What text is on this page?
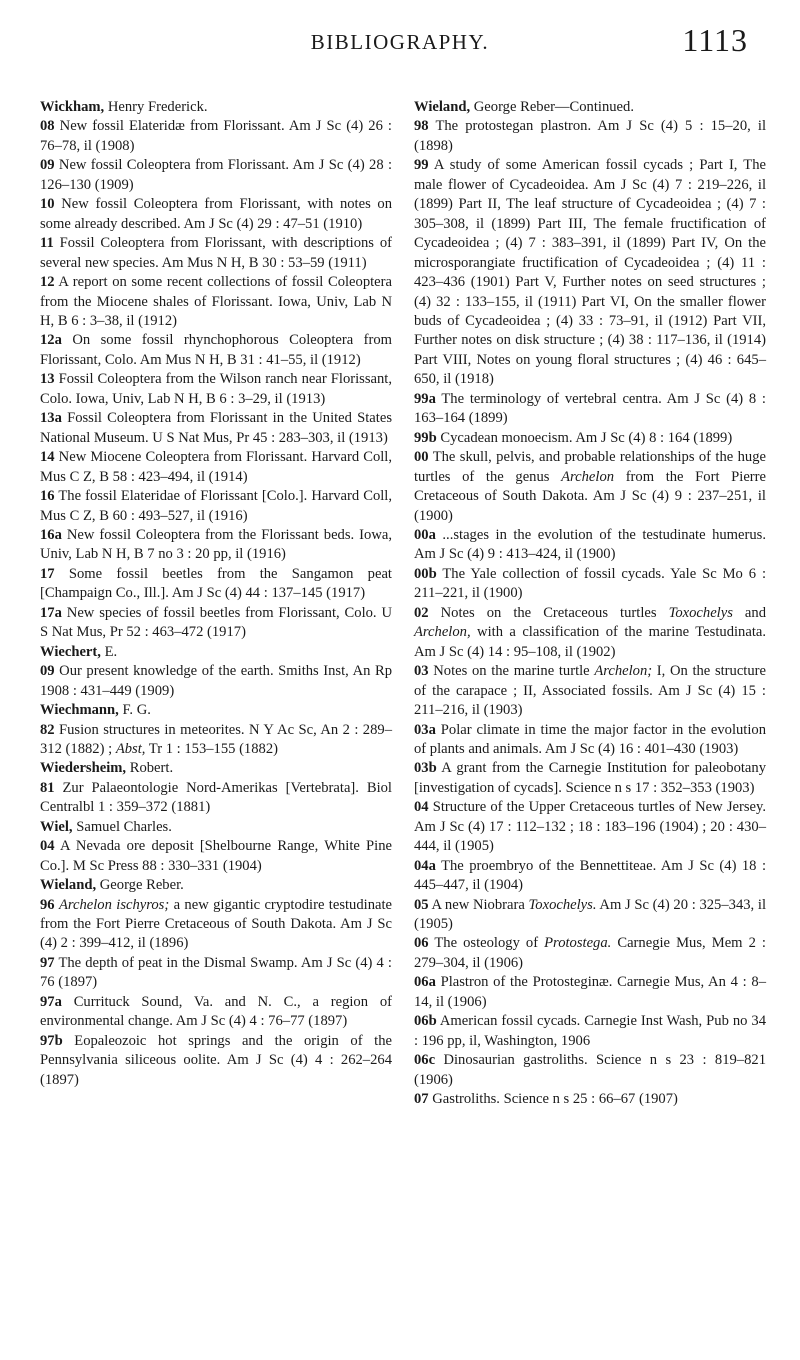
BIBLIOGRAPHY.	1113

Wickham, Henry Frederick.

08 New fossil Elateridæ from Florissant. Am J Sc (4) 26 : 76–78, il (1908)

09 New fossil Coleoptera from Florissant. Am J Sc (4) 28 : 126–130 (1909)

10 New fossil Coleoptera from Florissant, with notes on some already described. Am J Sc (4) 29 : 47–51 (1910)

11 Fossil Coleoptera from Florissant, with descriptions of several new species. Am Mus N H, B 30 : 53–59 (1911)

12 A report on some recent collections of fossil Coleoptera from the Miocene shales of Florissant. Iowa, Univ, Lab N H, B 6 : 3–38, il (1912)

12a On some fossil rhynchophorous Coleoptera from Florissant, Colo. Am Mus N H, B 31 : 41–55, il (1912)

13 Fossil Coleoptera from the Wilson ranch near Florissant, Colo. Iowa, Univ, Lab N H, B 6 : 3–29, il (1913)

13a Fossil Coleoptera from Florissant in the United States National Museum. U S Nat Mus, Pr 45 : 283–303, il (1913)

14 New Miocene Coleoptera from Florissant. Harvard Coll, Mus C Z, B 58 : 423–494, il (1914)

16 The fossil Elateridae of Florissant [Colo.]. Harvard Coll, Mus C Z, B 60 : 493–527, il (1916)

16a New fossil Coleoptera from the Florissant beds. Iowa, Univ, Lab N H, B 7 no 3 : 20 pp, il (1916)

17 Some fossil beetles from the Sangamon peat [Champaign Co., Ill.]. Am J Sc (4) 44 : 137–145 (1917)

17a New species of fossil beetles from Florissant, Colo. U S Nat Mus, Pr 52 : 463–472 (1917)

Wiechert, E.

09 Our present knowledge of the earth. Smiths Inst, An Rp 1908 : 431–449 (1909)

Wiechmann, F. G.

82 Fusion structures in meteorites. N Y Ac Sc, An 2 : 289–312 (1882) ; Abst, Tr 1 : 153–155 (1882)

Wiedersheim, Robert.

81 Zur Palaeontologie Nord-Amerikas [Vertebrata]. Biol Centralbl 1 : 359–372 (1881)

Wiel, Samuel Charles.

04 A Nevada ore deposit [Shelbourne Range, White Pine Co.]. M Sc Press 88 : 330–331 (1904)

Wieland, George Reber.

96 Archelon ischyros; a new gigantic cryptodire testudinate from the Fort Pierre Cretaceous of South Dakota. Am J Sc (4) 2 : 399–412, il (1896)

97 The depth of peat in the Dismal Swamp. Am J Sc (4) 4 : 76 (1897)

97a Currituck Sound, Va. and N. C., a region of environmental change. Am J Sc (4) 4 : 76–77 (1897)

97b Eopaleozoic hot springs and the origin of the Pennsylvania siliceous oolite. Am J Sc (4) 4 : 262–264 (1897)

Wieland, George Reber—Continued.

98 The protostegan plastron. Am J Sc (4) 5 : 15–20, il (1898)

99 A study of some American fossil cycads ; Part I, The male flower of Cycadeoidea. Am J Sc (4) 7 : 219–226, il (1899) Part II, The leaf structure of Cycadeoidea ; (4) 7 : 305–308, il (1899) Part III, The female fructification of Cycadeoidea ; (4) 7 : 383–391, il (1899) Part IV, On the microsporangiate fructification of Cycadeoidea ; (4) 11 : 423–436 (1901) Part V, Further notes on seed structures ; (4) 32 : 133–155, il (1911) Part VI, On the smaller flower buds of Cycadeoidea ; (4) 33 : 73–91, il (1912) Part VII, Further notes on disk structure ; (4) 38 : 117–136, il (1914) Part VIII, Notes on young floral structures ; (4) 46 : 645–650, il (1918)

99a The terminology of vertebral centra. Am J Sc (4) 8 : 163–164 (1899)

99b Cycadean monoecism. Am J Sc (4) 8 : 164 (1899)

00 The skull, pelvis, and probable relationships of the huge turtles of the genus Archelon from the Fort Pierre Cretaceous of South Dakota. Am J Sc (4) 9 : 237–251, il (1900)

00a ...stages in the evolution of the testudinate humerus. Am J Sc (4) 9 : 413–424, il (1900)

00b The Yale collection of fossil cycads. Yale Sc Mo 6 : 211–221, il (1900)

02 Notes on the Cretaceous turtles Toxochelys and Archelon, with a classification of the marine Testudinata. Am J Sc (4) 14 : 95–108, il (1902)

03 Notes on the marine turtle Archelon; I, On the structure of the carapace ; II, Associated fossils. Am J Sc (4) 15 : 211–216, il (1903)

03a Polar climate in time the major factor in the evolution of plants and animals. Am J Sc (4) 16 : 401–430 (1903)

03b A grant from the Carnegie Institution for paleobotany [investigation of cycads]. Science n s 17 : 352–353 (1903)

04 Structure of the Upper Cretaceous turtles of New Jersey. Am J Sc (4) 17 : 112–132 ; 18 : 183–196 (1904) ; 20 : 430–444, il (1905)

04a The proembryo of the Bennettiteae. Am J Sc (4) 18 : 445–447, il (1904)

05 A new Niobrara Toxochelys. Am J Sc (4) 20 : 325–343, il (1905)

06 The osteology of Protostega. Carnegie Mus, Mem 2 : 279–304, il (1906)

06a Plastron of the Protosteginæ. Carnegie Mus, An 4 : 8–14, il (1906)

06b American fossil cycads. Carnegie Inst Wash, Pub no 34 : 196 pp, il, Washington, 1906

06c Dinosaurian gastroliths. Science n s 23 : 819–821 (1906)

07 Gastroliths. Science n s 25 : 66–67 (1907)
